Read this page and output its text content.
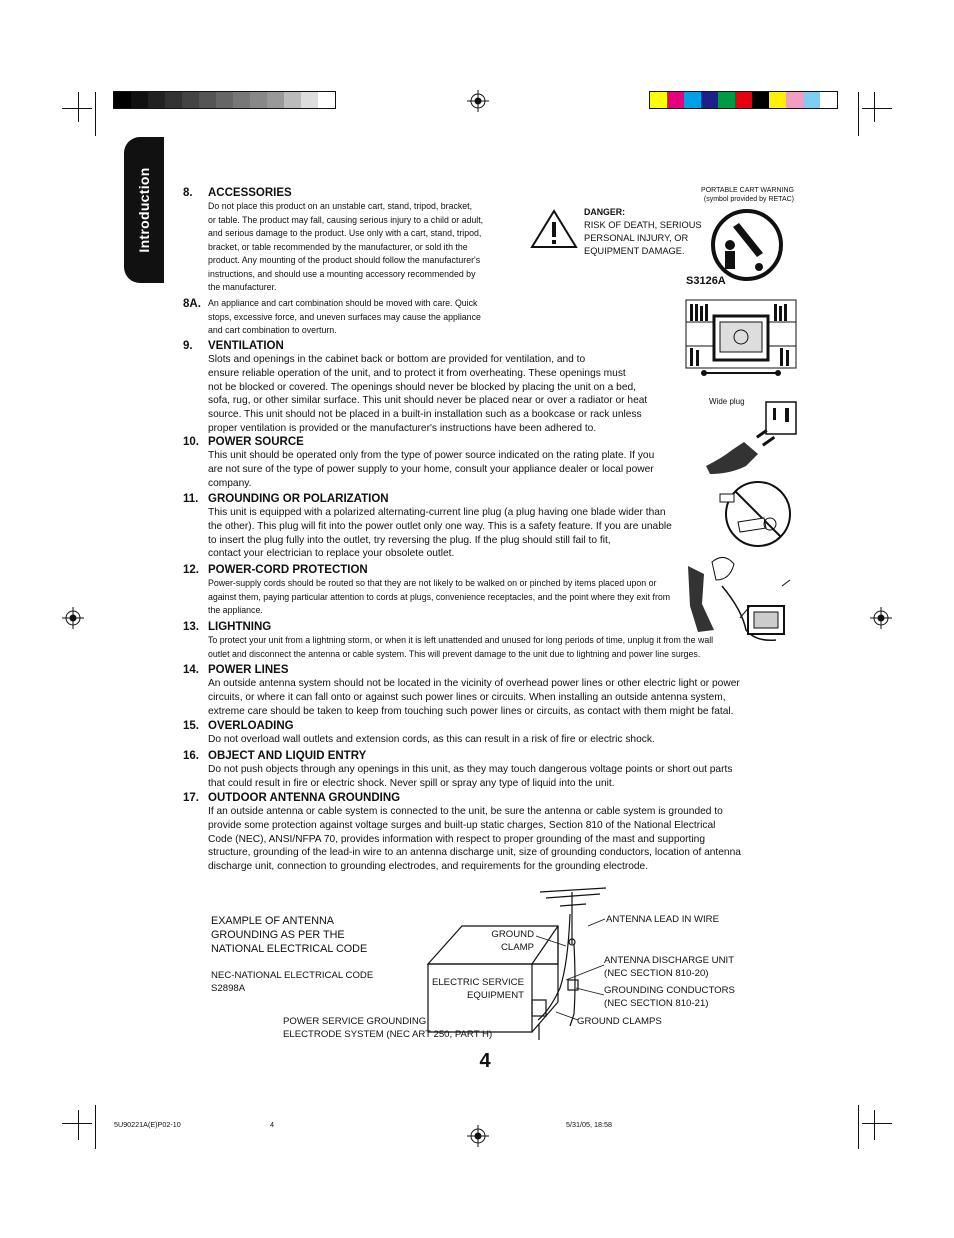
Introduction	8.	ACCESSORIES
Do not place this product on an unstable cart, stand, tripod, bracket,
or table. The product may fall, causing serious injury to a child or adult,
and serious damage to the product. Use only with a cart, stand, tripod,
bracket, or table recommended by the manufacturer, or sold ith the
product. Any mounting of the product should follow the manufacturer's
instructions, and should use a mounting accessory recommended by
the manufacturer.
8A. An appliance and cart combination should be moved with care. Quick
stops, excessive force, and uneven surfaces may cause the appliance
and cart combination to overturn.
9.	VENTILATION
Slots and openings in the cabinet back or bottom are provided for ventilation, and to
ensure reliable operation of the unit, and to protect it from overheating. These openings must
not be blocked or covered. The openings should never be blocked by placing the unit on a bed,
sofa, rug, or other similar surface. This unit should never be placed near or over a radiator or heat
source. This unit should not be placed in a built-in installation such as a bookcase or rack unless
proper ventilation is provided or the manufacturer's instructions have been adhered to.
10. POWER SOURCE
This unit should be operated only from the type of power source indicated on the rating plate. If you
are not sure of the type of power supply to your home, consult your appliance dealer or local power
company.
11. GROUNDING OR POLARIZATION
This unit is equipped with a polarized alternating-current line plug (a plug having one blade wider than
the other). This plug will fit into the power outlet only one way. This is a safety feature. If you are unable
to insert the plug fully into the outlet, try reversing the plug. If the plug should still fail to fit,
contact your electrician to replace your obsolete outlet.
12. POWER-CORD PROTECTION
Power-supply cords should be routed so that they are not likely to be walked on or pinched by items placed upon or
against them, paying particular attention to cords at plugs, convenience receptacles, and the point where they exit from
the appliance.
13. LIGHTNING
To protect your unit from a lightning storm, or when it is left unattended and unused for long periods of time, unplug it from the wall
outlet and disconnect the antenna or cable system. This will prevent damage to the unit due to lightning and power line surges.
14. POWER LINES
An outside antenna system should not be located in the vicinity of overhead power lines or other electric light or power
circuits, or where it can fall onto or against such power lines or circuits. When installing an outside antenna system,
extreme care should be taken to keep from touching such power lines or circuits, as contact with them might be fatal.
15. OVERLOADING
Do not overload wall outlets and extension cords, as this can result in a risk of fire or electric shock.
16. OBJECT AND LIQUID ENTRY
Do not push objects through any openings in this unit, as they may touch dangerous voltage points or short out parts
that could result in fire or electric shock. Never spill or spray any type of liquid into the unit.
17. OUTDOOR ANTENNA GROUNDING
If an outside antenna or cable system is connected to the unit, be sure the antenna or cable system is grounded to
provide some protection against voltage surges and built-up static charges, Section 810 of the National Electrical
Code (NEC), ANSI/NFPA 70, provides information with respect to proper grounding of the mast and supporting
structure, grounding of the lead-in wire to an antenna discharge unit, size of grounding conductors, location of antenna
discharge unit, connection to grounding electrodes, and requirements for the grounding electrode.
PORTABLE CART WARNING
(symbol provided by RETAC)
DANGER:
RISK OF DEATH, SERIOUS
PERSONAL INJURY, OR
EQUIPMENT DAMAGE.
S3126A
Wide plug
EXAMPLE OF ANTENNA
GROUNDING AS PER THE
NATIONAL ELECTRICAL CODE
NEC-NATIONAL ELECTRICAL CODE
S2898A
GROUND
CLAMP
ELECTRIC SERVICE
EQUIPMENT
ANTENNA LEAD IN WIRE
ANTENNA DISCHARGE UNIT
(NEC SECTION 810-20)
GROUNDING CONDUCTORS
(NEC SECTION 810-21)
GROUND CLAMPS
POWER SERVICE GROUNDING
ELECTRODE SYSTEM (NEC ART 250, PART H)
4
5U90221A(E)P02-10	4	5/31/05, 18:58
